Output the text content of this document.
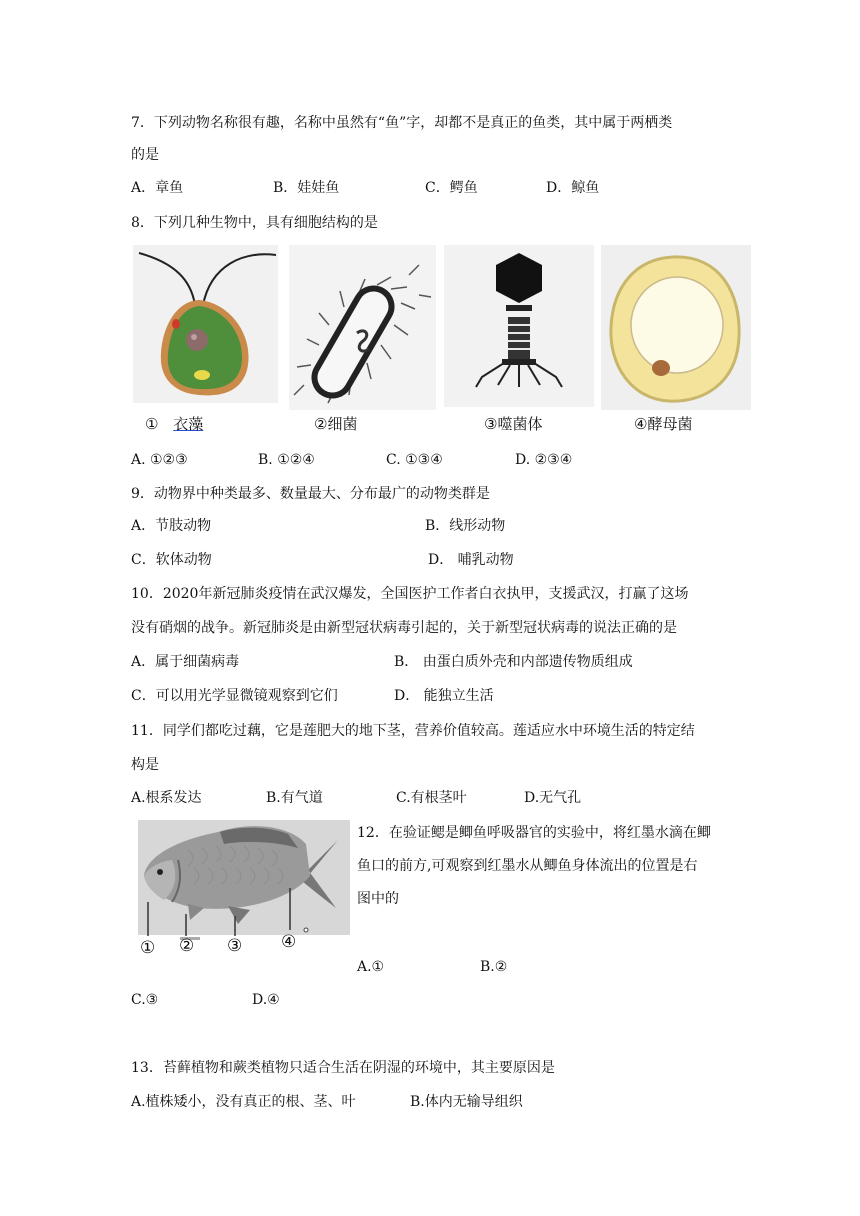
7．下列动物名称很有趣，名称中虽然有“鱼”字，却都不是真正的鱼类，其中属于两栖类
的是
A．章鱼	B．娃娃鱼	C．鳄鱼	D．鲸鱼
8．下列几种生物中，具有细胞结构的是
① 衣藻	②细菌	③噬菌体	④酵母菌
A. ①②③	B. ①②④	C. ①③④	D. ②③④
9．动物界中种类最多、数量最大、分布最广的动物类群是
A．节肢动物	B．线形动物
C．软体动物	D． 哺乳动物
10．2020年新冠肺炎疫情在武汉爆发，全国医护工作者白衣执甲，支援武汉，打赢了这场
没有硝烟的战争。新冠肺炎是由新型冠状病毒引起的，关于新型冠状病毒的说法正确的是
A．属于细菌病毒	B． 由蛋白质外壳和内部遗传物质组成
C．可以用光学显微镜观察到它们	D． 能独立生活
11．同学们都吃过藕，它是莲肥大的地下茎，营养价值较高。莲适应水中环境生活的特定结
构是
A.根系发达	B.有气道	C.有根茎叶	D.无气孔
① ② ③ ④
12．在验证鳃是鲫鱼呼吸器官的实验中，将红墨水滴在鲫
鱼口的前方,可观察到红墨水从鲫鱼身体流出的位置是右
图中的
A.①	B.②
C.③	D.④
13．苔藓植物和蕨类植物只适合生活在阴湿的环境中，其主要原因是
A.植株矮小，没有真正的根、茎、叶	B.体内无输导组织
